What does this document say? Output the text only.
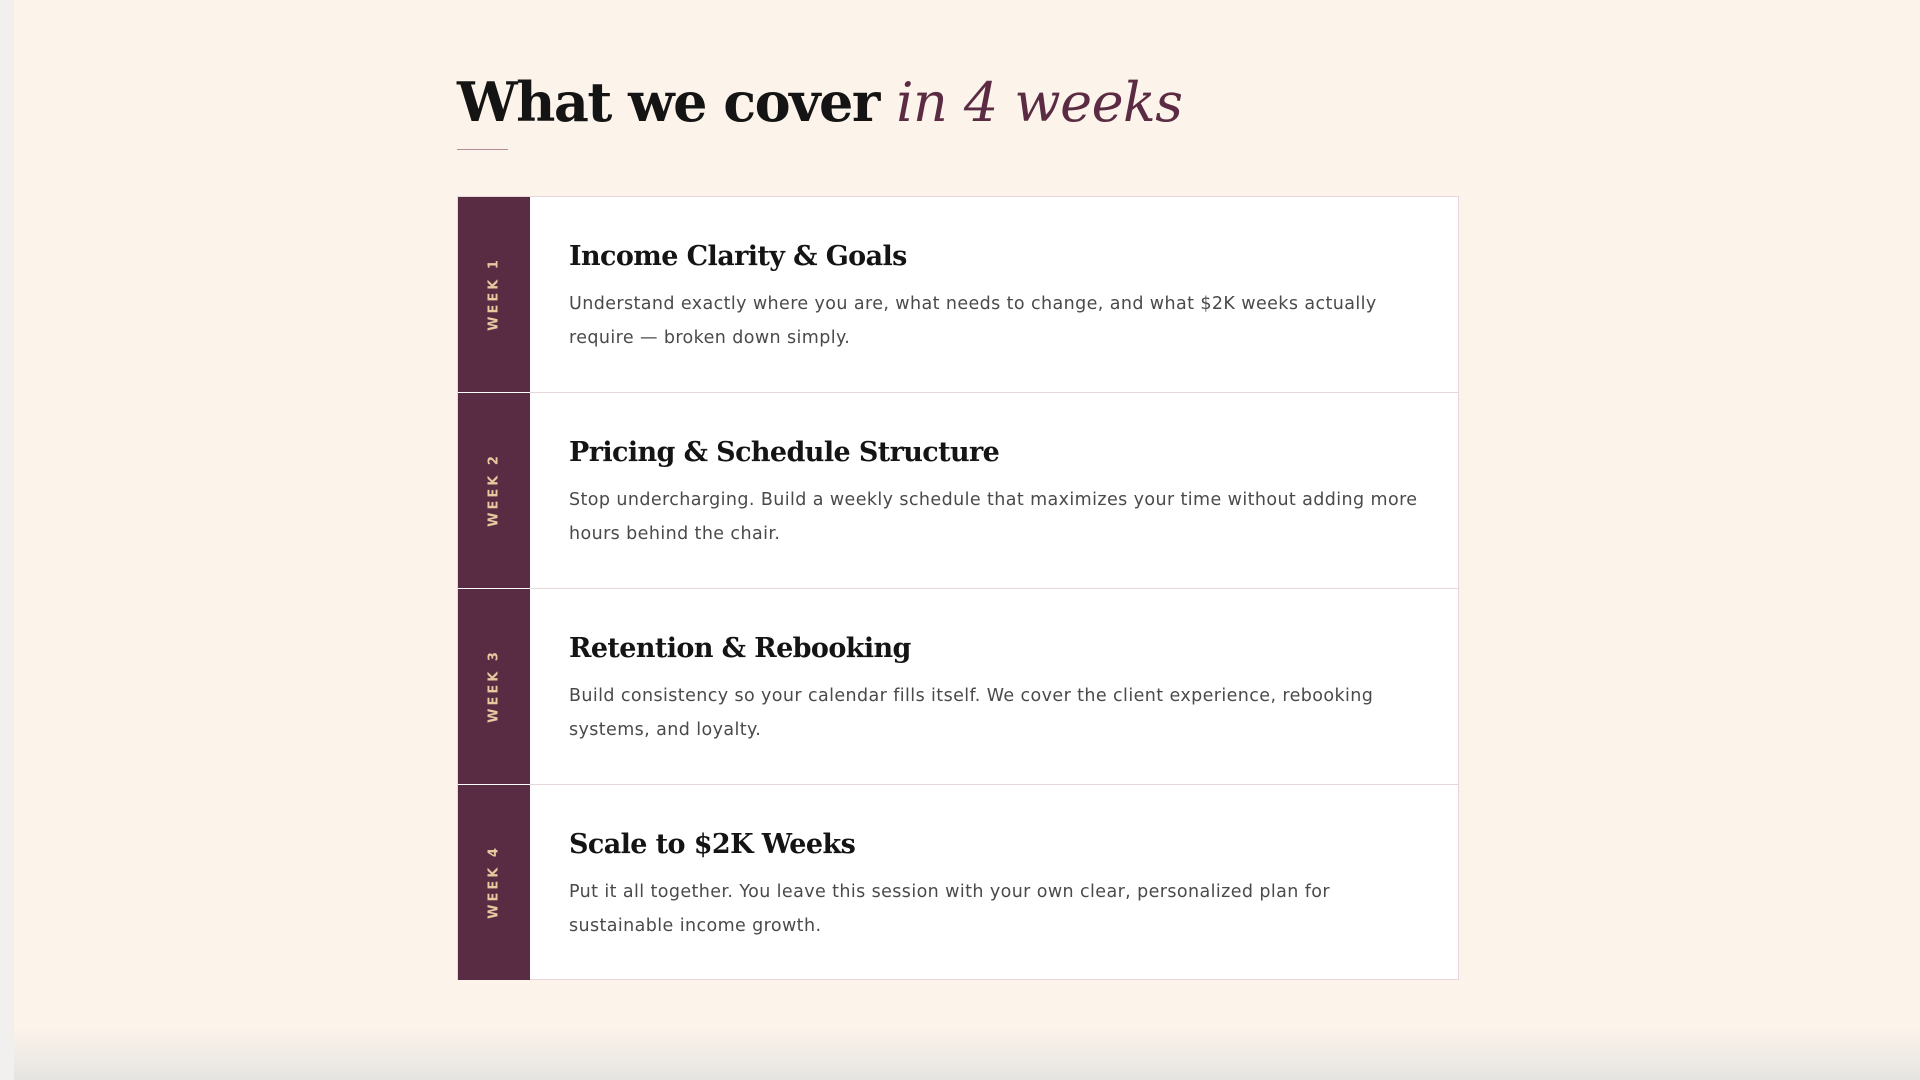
What we cover in 4 weeks
WEEK 1
Income Clarity & Goals

Understand exactly where you are, what needs to change, and what $2K weeks actually require — broken down simply.

WEEK 2
Pricing & Schedule Structure

Stop undercharging. Build a weekly schedule that maximizes your time without adding more hours behind the chair.

WEEK 3
Retention & Rebooking

Build consistency so your calendar fills itself. We cover the client experience, rebooking systems, and loyalty.

WEEK 4
Scale to $2K Weeks

Put it all together. You leave this session with your own clear, personalized plan for sustainable income growth.
